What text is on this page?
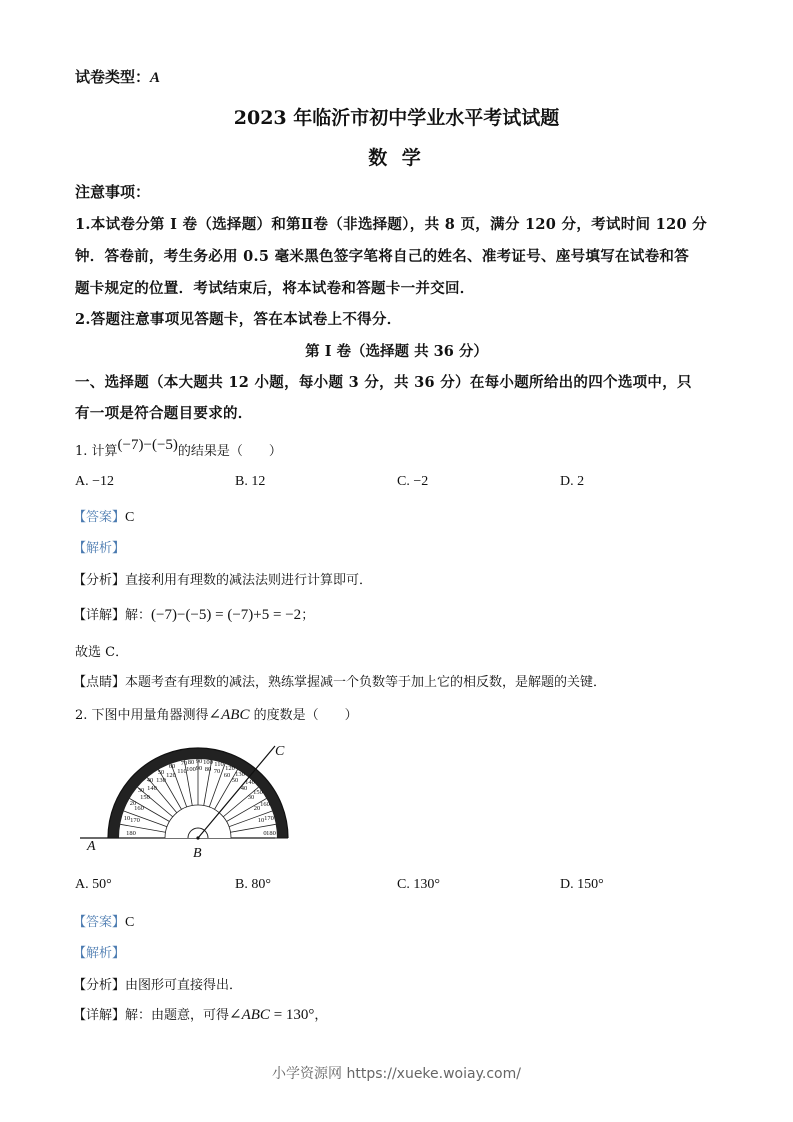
试卷类型：A
2023 年临沂市初中学业水平考试试题
数 学
注意事项：
1.本试卷分第 I 卷（选择题）和第Ⅱ卷（非选择题），共 8 页，满分 120 分，考试时间 120 分
钟．答卷前，考生务必用 0.5 毫米黑色签字笔将自己的姓名、准考证号、座号填写在试卷和答
题卡规定的位置．考试结束后，将本试卷和答题卡一并交回．
2.答题注意事项见答题卡，答在本试卷上不得分．
第 I 卷（选择题 共 36 分）
一、选择题（本大题共 12 小题，每小题 3 分，共 36 分）在每小题所给出的四个选项中，只
有一项是符合题目要求的．
1. 计算(−7)−(−5)的结果是（　　）
A. −12	B. 12	C. −2	D. 2
【答案】C
【解析】
【分析】直接利用有理数的减法法则进行计算即可．
【详解】解：(−7)−(−5) = (−7)+5 = −2；
故选 C．
【点睛】本题考查有理数的减法，熟练掌握减一个负数等于加上它的相反数，是解题的关键．
2. 下图中用量角器测得∠ABC 的度数是（　　）
180
170
160
150
140
130
120
110 100 90 80 70
60
50
40
30
20
10
0
10
20
30
40
50
60 70 80 90 100 110
120
130
140
150
160
170
180
A	B
C
A. 50°	B. 80°	C. 130°	D. 150°
【答案】C
【解析】
【分析】由图形可直接得出．
【详解】解：由题意，可得∠ABC = 130°，
小学资源网 https://xueke.woiay.com/
